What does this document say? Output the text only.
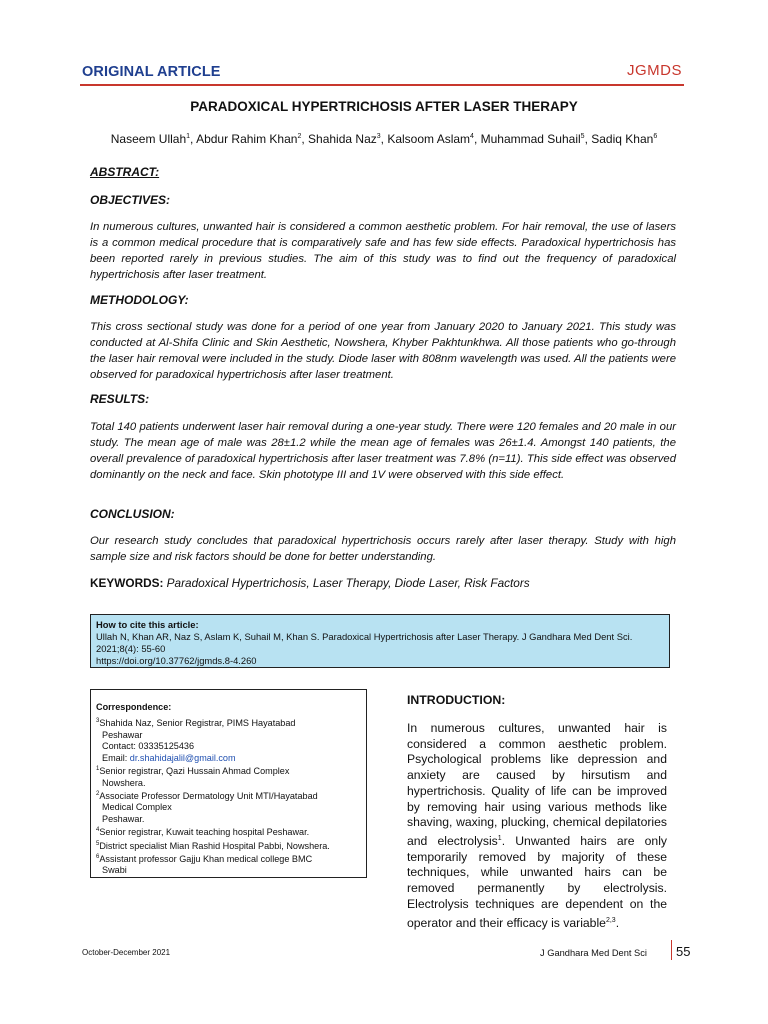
ORIGINAL ARTICLE	JGMDS
PARADOXICAL HYPERTRICHOSIS AFTER LASER THERAPY
Naseem Ullah$^1$, Abdur Rahim Khan$^2$, Shahida Naz$^3$, Kalsoom Aslam$^4$, Muhammad Suhail$^5$, Sadiq Khan$^6$
ABSTRACT:
OBJECTIVES:
In numerous cultures, unwanted hair is considered a common aesthetic problem. For hair removal, the use of lasers is a common medical procedure that is comparatively safe and has few side effects. Paradoxical hypertrichosis has been reported rarely in previous studies. The aim of this study was to find out the frequency of paradoxical hypertrichosis after laser treatment.
METHODOLOGY:
This cross sectional study was done for a period of one year from January 2020 to January 2021. This study was conducted at Al-Shifa Clinic and Skin Aesthetic, Nowshera, Khyber Pakhtunkhwa. All those patients who go-through the laser hair removal were included in the study. Diode laser with 808nm wavelength was used. All the patients were observed for paradoxical hypertrichosis after laser treatment.
RESULTS:
Total 140 patients underwent laser hair removal during a one-year study. There were 120 females and 20 male in our study. The mean age of male was 28±1.2 while the mean age of females was 26±1.4. Amongst 140 patients, the overall prevalence of paradoxical hypertrichosis after laser treatment was 7.8% (n=11). This side effect was observed dominantly on the neck and face. Skin phototype III and 1V were observed with this side effect.
CONCLUSION:
Our research study concludes that paradoxical hypertrichosis occurs rarely after laser therapy. Study with high sample size and risk factors should be done for better understanding.
KEYWORDS: Paradoxical Hypertrichosis, Laser Therapy, Diode Laser, Risk Factors
How to cite this article:
Ullah N, Khan AR, Naz S, Aslam K, Suhail M, Khan S. Paradoxical Hypertrichosis after Laser Therapy. J Gandhara Med Dent Sci. 2021;8(4): 55-60
https://doi.org/10.37762/jgmds.8-4.260
Correspondence:
$^3$Shahida Naz, Senior Registrar, PIMS Hayatabad
Peshawar
Contact: 03335125436
Email: dr.shahidajalil@gmail.com
$^1$Senior registrar, Qazi Hussain Ahmad Complex
Nowshera.
$^2$Associate Professor Dermatology Unit MTI/Hayatabad
Medical Complex
Peshawar.
$^4$Senior registrar, Kuwait teaching hospital Peshawar.
$^5$District specialist Mian Rashid Hospital Pabbi, Nowshera.
$^6$Assistant professor Gajju Khan medical college BMC
Swabi
INTRODUCTION:
In numerous cultures, unwanted hair is considered a common aesthetic problem. Psychological problems like depression and anxiety are caused by hirsutism and hypertrichosis. Quality of life can be improved by removing hair using various methods like shaving, waxing, plucking, chemical depilatories and electrolysis$^1$. Unwanted hairs are only temporarily removed by majority of these techniques, while unwanted hairs can be removed permanently by electrolysis. Electrolysis techniques are dependent on the operator and their efficacy is variable$^{2,3}$.
October-December 2021	J Gandhara Med Dent Sci 55
